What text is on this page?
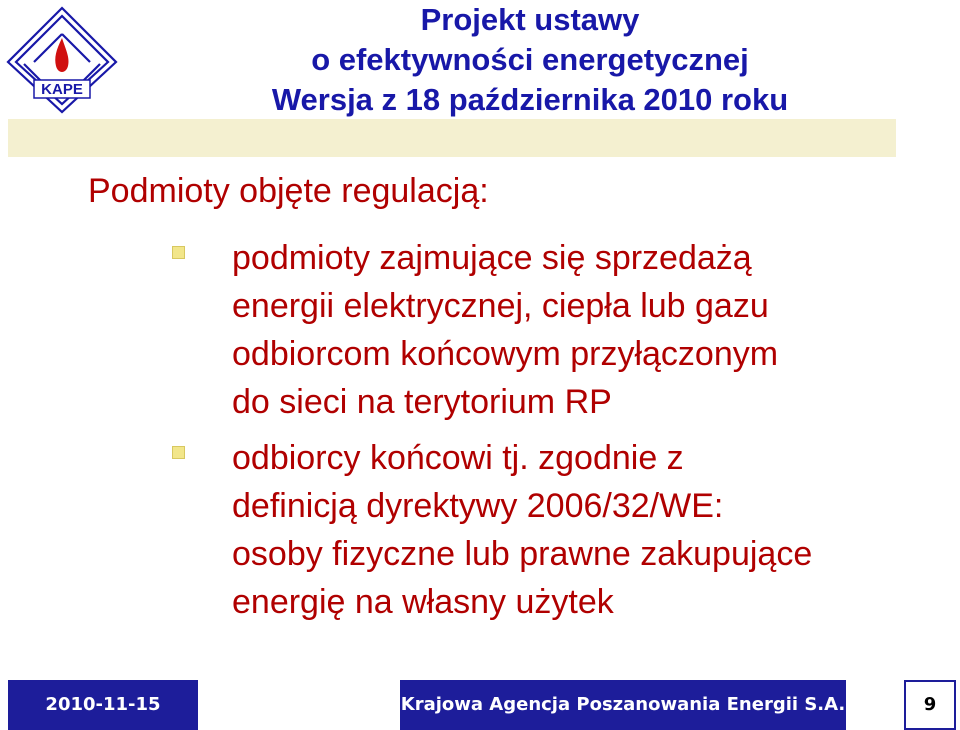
KAPE
Projekt ustawy
o efektywności energetycznej
Wersja z 18 października 2010 roku
Podmioty objęte regulacją:
podmioty zajmujące się sprzedażą
energii elektrycznej, ciepła lub gazu
odbiorcom końcowym przyłączonym
do sieci na terytorium RP
odbiorcy końcowi tj. zgodnie z
definicją dyrektywy 2006/32/WE:
osoby fizyczne lub prawne zakupujące
energię na własny użytek
2010-11-15	Krajowa Agencja Poszanowania Energii S.A.	9
